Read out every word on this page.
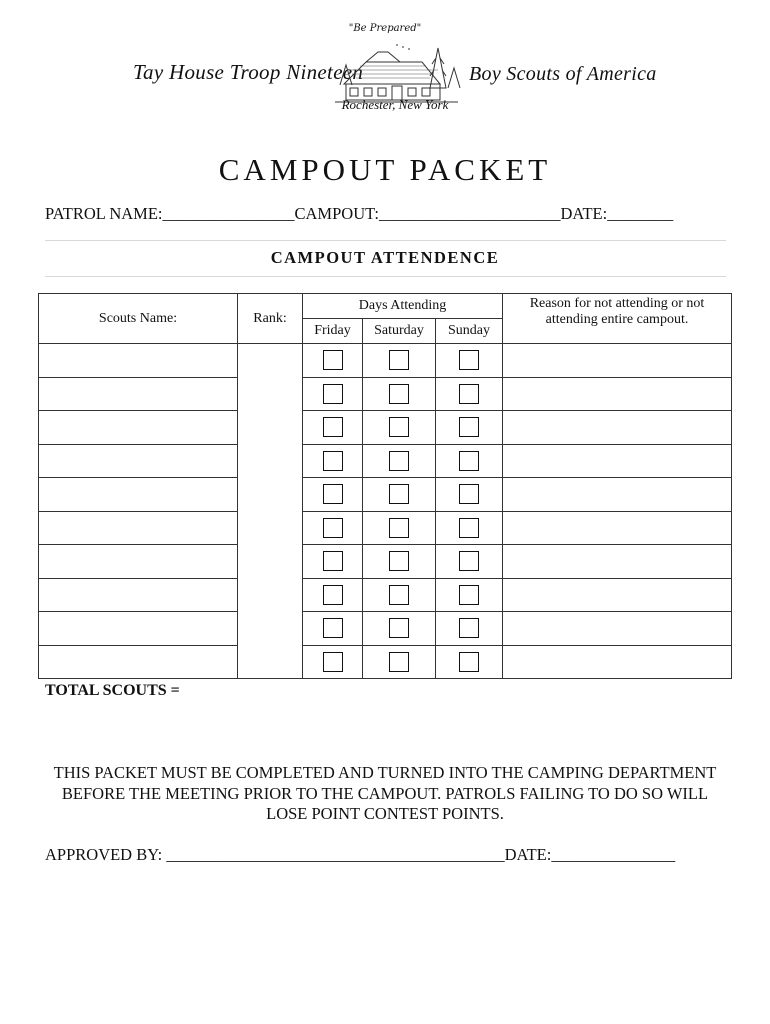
"Be Prepared"
Tay House Troop Nineteen	Boy Scouts of America
Rochester, New York
CAMPOUT PACKET
PATROL NAME:________________CAMPOUT:______________________DATE:________
CAMPOUT ATTENDENCE
Scouts Name:	Rank:	Days Attending			Reason for not attending or not attending entire campout.
		Friday	Saturday	Sunday	

TOTAL SCOUTS =
THIS PACKET MUST BE COMPLETED AND TURNED INTO THE CAMPING DEPARTMENT BEFORE THE MEETING PRIOR TO THE CAMPOUT. PATROLS FAILING TO DO SO WILL LOSE POINT CONTEST POINTS.
APPROVED BY: _________________________________________DATE:_______________
